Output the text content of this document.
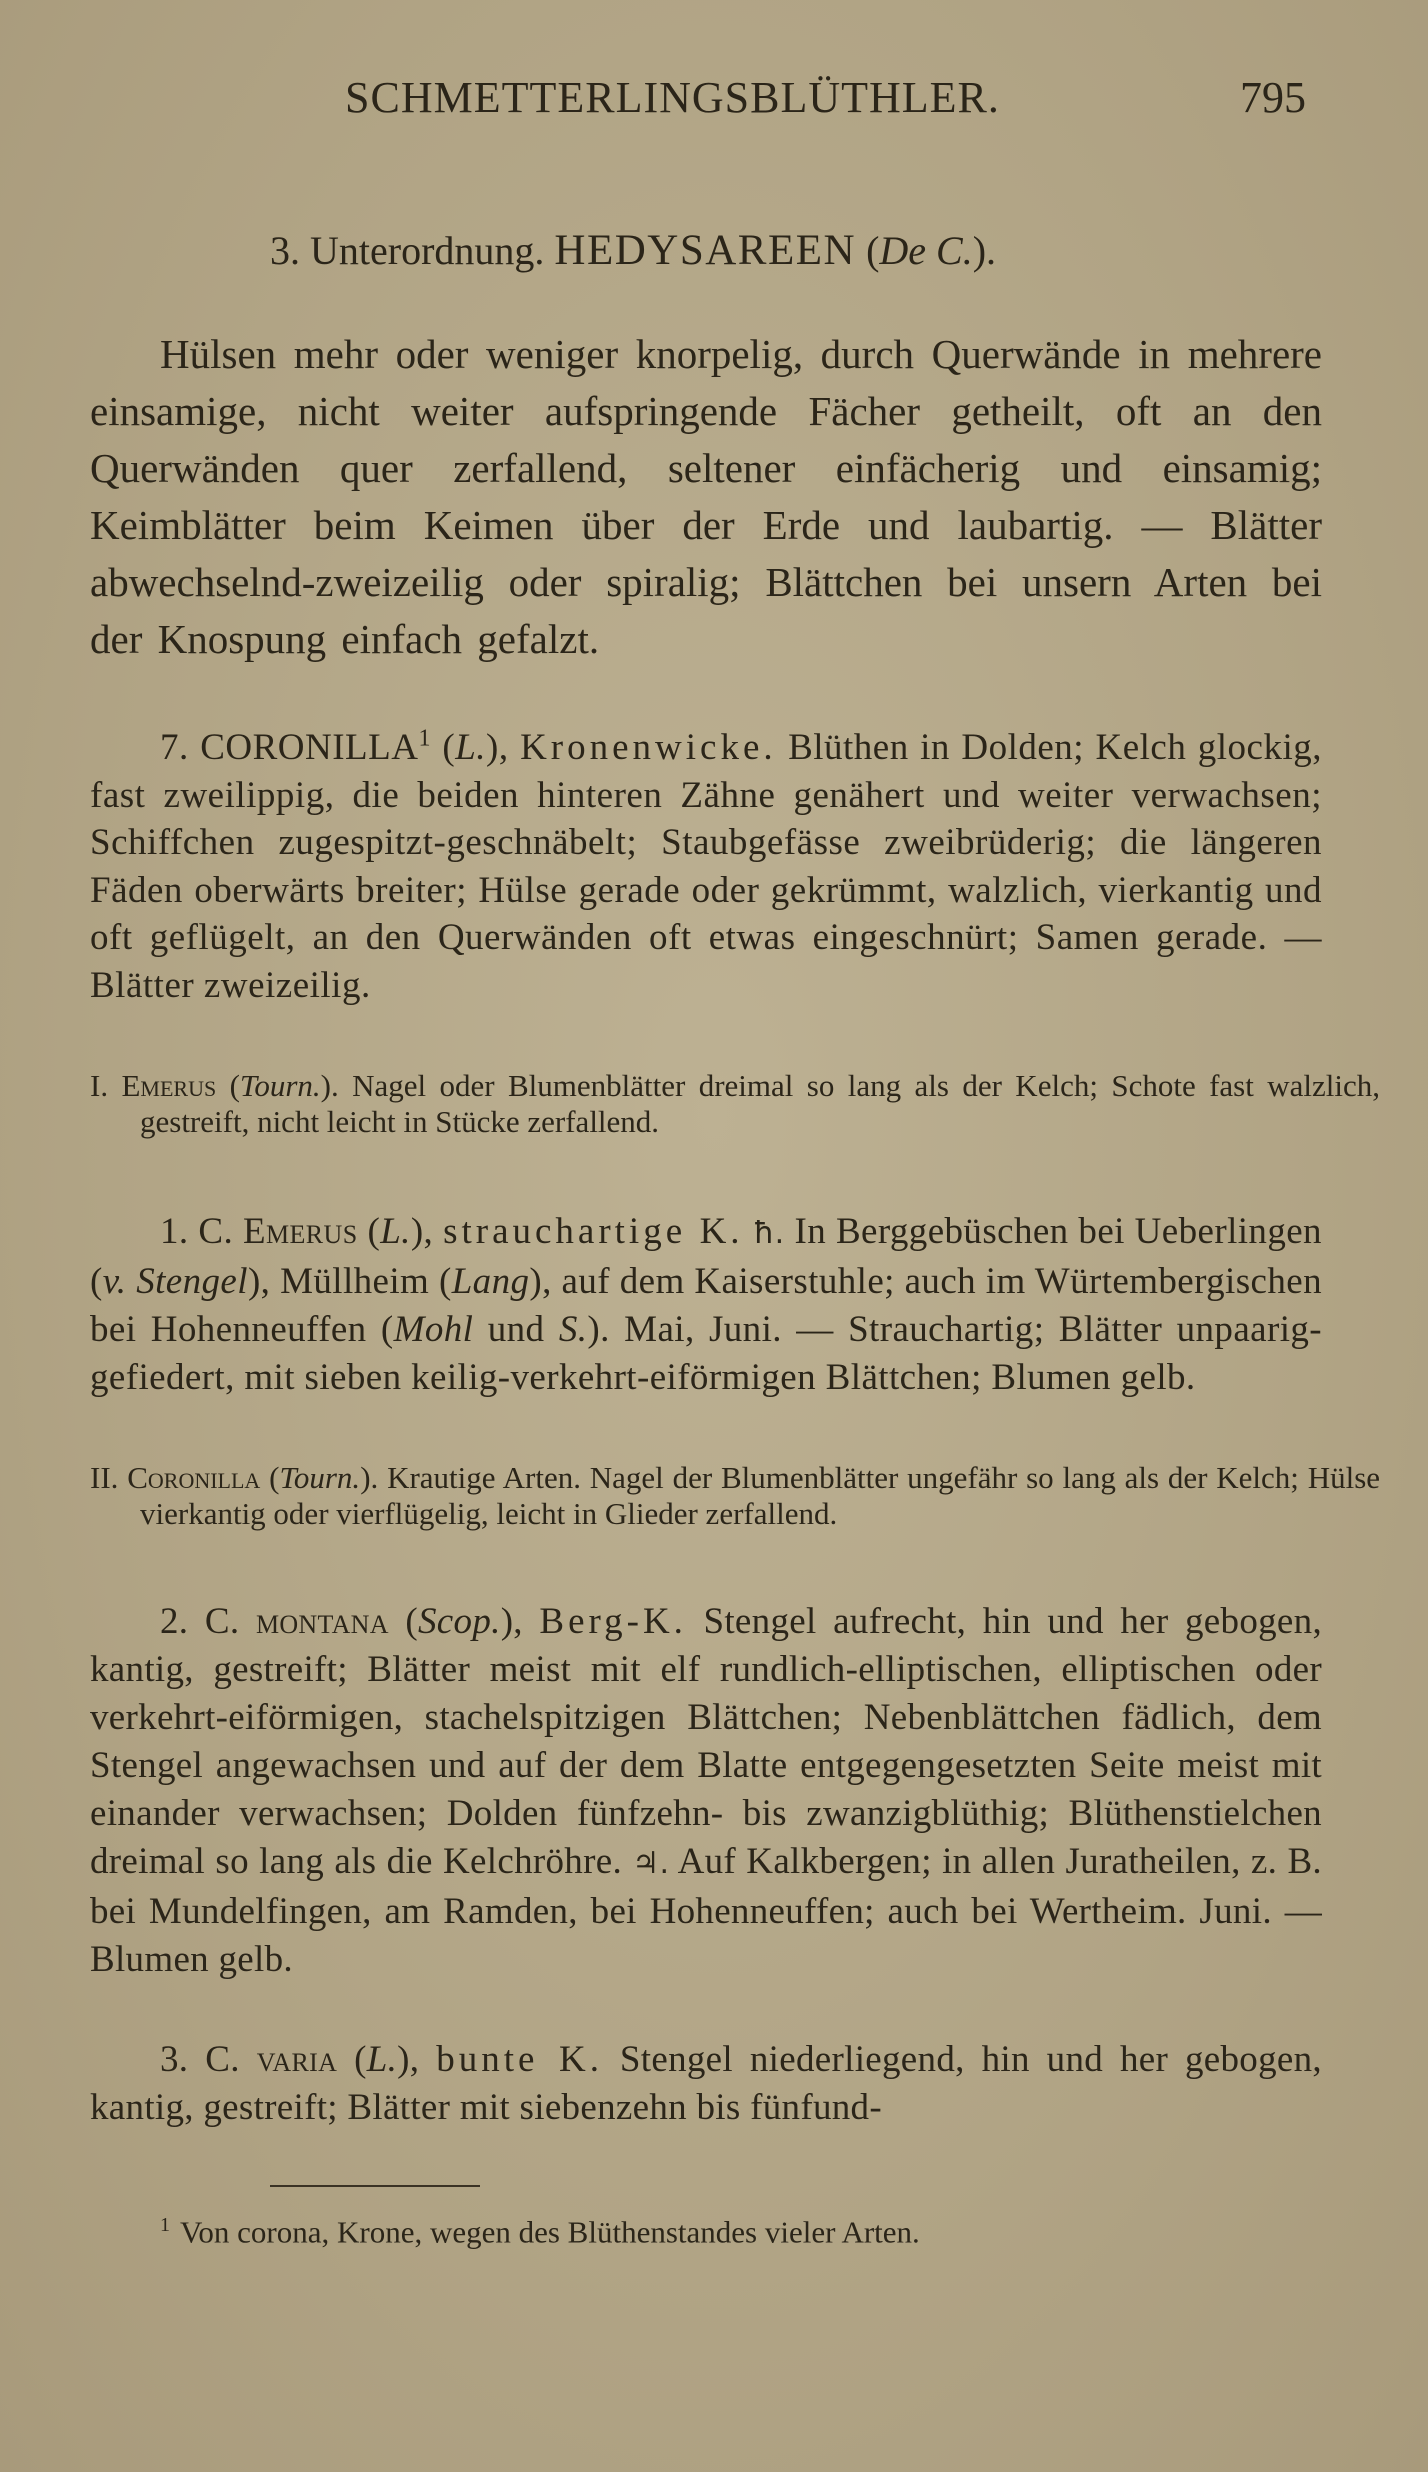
SCHMETTERLINGSBLÜTHLER.	795
3. Unterordnung. HEDYSAREEN (De C.).

Hülsen mehr oder weniger knorpelig, durch Querwände in mehrere einsamige, nicht weiter aufspringende Fächer getheilt, oft an den Querwänden quer zerfallend, seltener einfächerig und einsamig; Keimblätter beim Keimen über der Erde und laubartig. — Blätter abwechselnd-zweizeilig oder spiralig; Blättchen bei unsern Arten bei der Knospung einfach gefalzt.

7. CORONILLA$^1$ (L.), Kronenwicke. Blüthen in Dolden; Kelch glockig, fast zweilippig, die beiden hinteren Zähne genähert und weiter verwachsen; Schiffchen zugespitzt-geschnäbelt; Staubgefässe zweibrüderig; die längeren Fäden oberwärts breiter; Hülse gerade oder gekrümmt, walzlich, vierkantig und oft geflügelt, an den Querwänden oft etwas eingeschnürt; Samen gerade. — Blätter zweizeilig.

I. Emerus (Tourn.). Nagel oder Blumenblätter dreimal so lang als der Kelch; Schote fast walzlich, gestreift, nicht leicht in Stücke zerfallend.

1. C. Emerus (L.), strauchartige K. ħ. In Berggebüschen bei Ueberlingen (v. Stengel), Müllheim (Lang), auf dem Kaiserstuhle; auch im Würtembergischen bei Hohenneuffen (Mohl und S.). Mai, Juni. — Strauchartig; Blätter unpaarig-gefiedert, mit sieben keilig-verkehrt-eiförmigen Blättchen; Blumen gelb.

II. Coronilla (Tourn.). Krautige Arten. Nagel der Blumenblätter ungefähr so lang als der Kelch; Hülse vierkantig oder vierflügelig, leicht in Glieder zerfallend.

2. C. montana (Scop.), Berg-K. Stengel aufrecht, hin und her gebogen, kantig, gestreift; Blätter meist mit elf rundlich-elliptischen, elliptischen oder verkehrt-eiförmigen, stachelspitzigen Blättchen; Nebenblättchen fädlich, dem Stengel angewachsen und auf der dem Blatte entgegengesetzten Seite meist mit einander verwachsen; Dolden fünfzehn- bis zwanzigblüthig; Blüthenstielchen dreimal so lang als die Kelchröhre. ♃. Auf Kalkbergen; in allen Juratheilen, z. B. bei Mundelfingen, am Ramden, bei Hohenneuffen; auch bei Wertheim. Juni. — Blumen gelb.

3. C. varia (L.), bunte K. Stengel niederliegend, hin und her gebogen, kantig, gestreift; Blätter mit siebenzehn bis fünfund-

$^1$ Von corona, Krone, wegen des Blüthenstandes vieler Arten.
